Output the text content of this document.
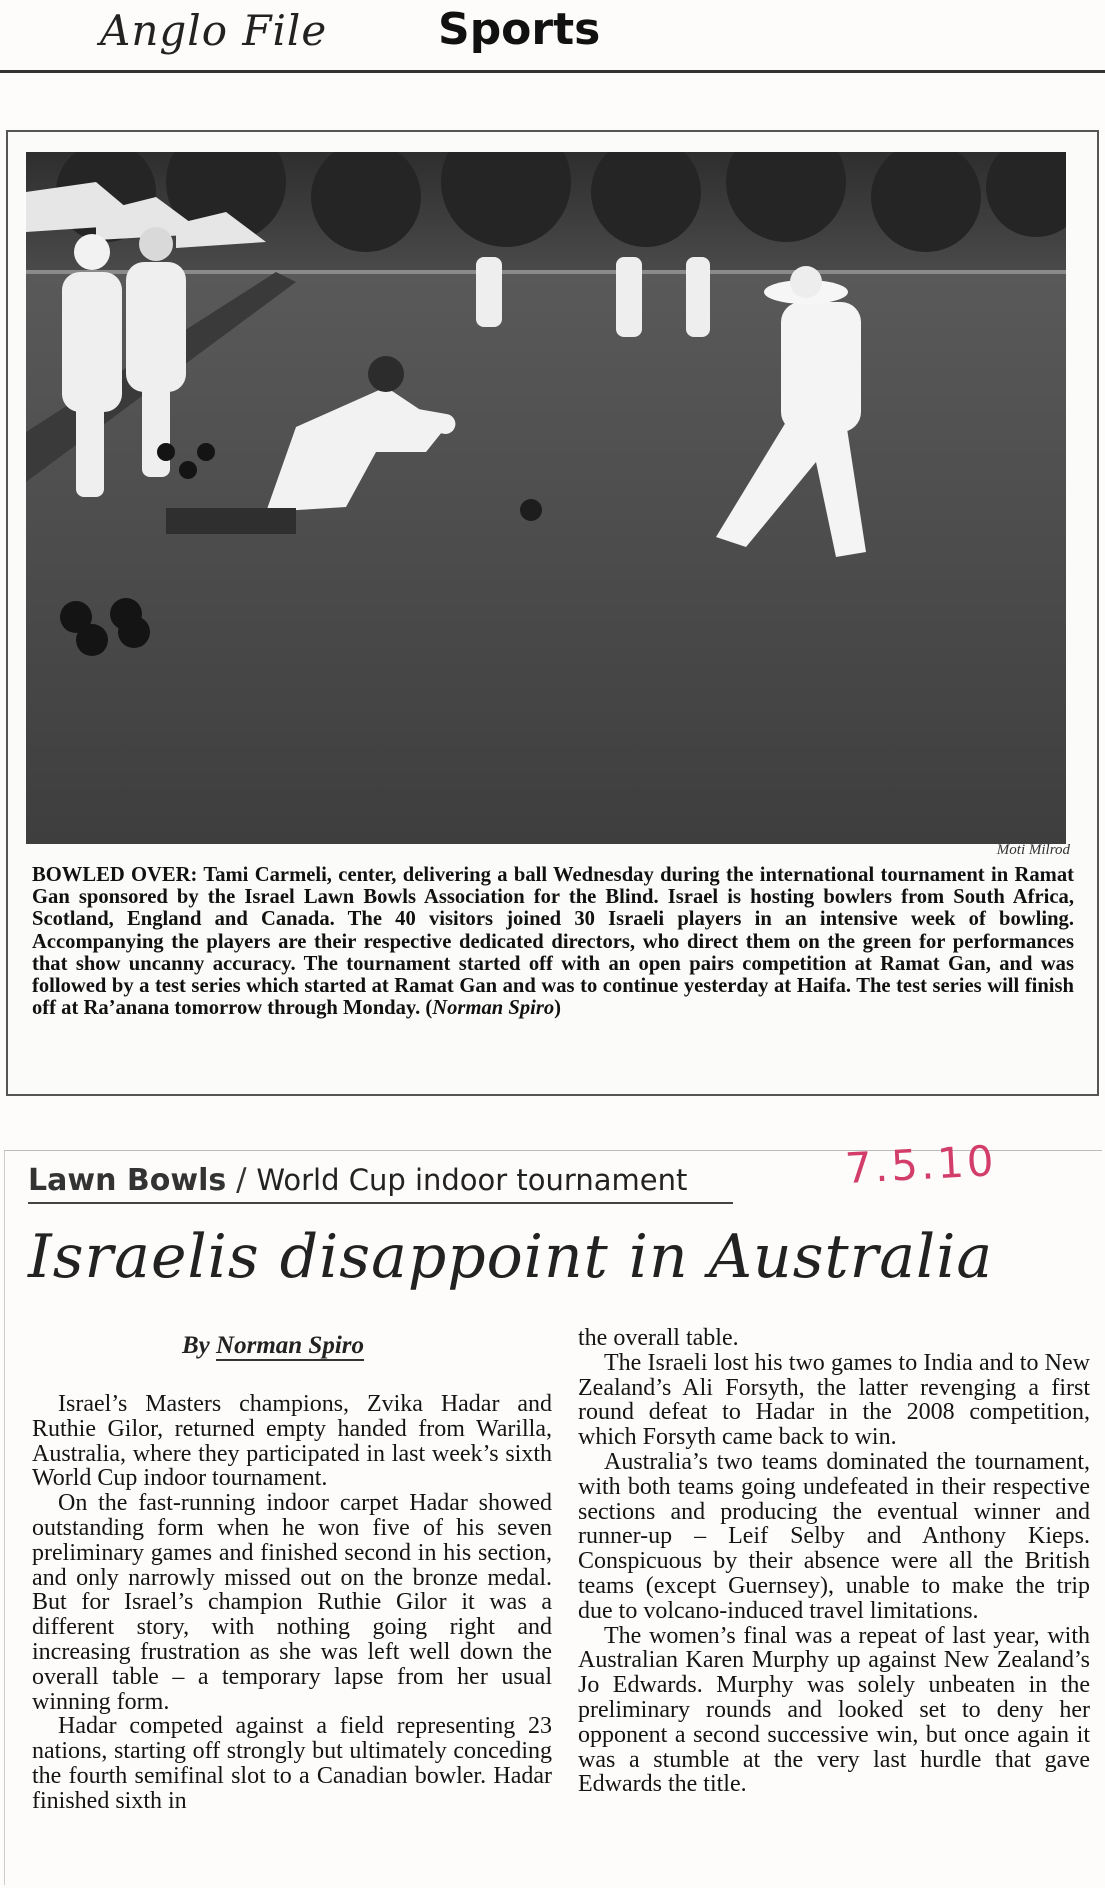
Anglo File	Sports
Moti Milrod
BOWLED OVER: Tami Carmeli, center, delivering a ball Wednesday during the international tournament in Ramat Gan sponsored by the Israel Lawn Bowls Association for the Blind. Israel is hosting bowlers from South Africa, Scotland, England and Canada. The 40 visitors joined 30 Israeli players in an intensive week of bowling. Accompanying the players are their respective dedicated directors, who direct them on the green for performances that show uncanny accuracy. The tournament started off with an open pairs competition at Ramat Gan, and was followed by a test series which started at Ramat Gan and was to continue yesterday at Haifa. The test series will finish off at Ra’anana tomorrow through Monday. (Norman Spiro)
Lawn Bowls / World Cup indoor tournament	7.5.10
Israelis disappoint in Australia
By Norman Spiro

Israel’s Masters champions, Zvika Hadar and Ruthie Gilor, returned empty handed from Warilla, Australia, where they participated in last week’s sixth World Cup indoor tournament.

On the fast-running indoor carpet Hadar showed outstanding form when he won five of his seven preliminary games and finished second in his section, and only narrowly missed out on the bronze medal. But for Israel’s champion Ruthie Gilor it was a different story, with nothing going right and increasing frustration as she was left well down the overall table – a temporary lapse from her usual winning form.

Hadar competed against a field representing 23 nations, starting off strongly but ultimately conceding the fourth semifinal slot to a Canadian bowler. Hadar finished sixth in

the overall table.

The Israeli lost his two games to India and to New Zealand’s Ali Forsyth, the latter revenging a first round defeat to Hadar in the 2008 competition, which Forsyth came back to win.

Australia’s two teams dominated the tournament, with both teams going undefeated in their respective sections and producing the eventual winner and runner-up – Leif Selby and Anthony Kieps. Conspicuous by their absence were all the British teams (except Guernsey), unable to make the trip due to volcano-induced travel limitations.

The women’s final was a repeat of last year, with Australian Karen Murphy up against New Zealand’s Jo Edwards. Murphy was solely unbeaten in the preliminary rounds and looked set to deny her opponent a second successive win, but once again it was a stumble at the very last hurdle that gave Edwards the title.
